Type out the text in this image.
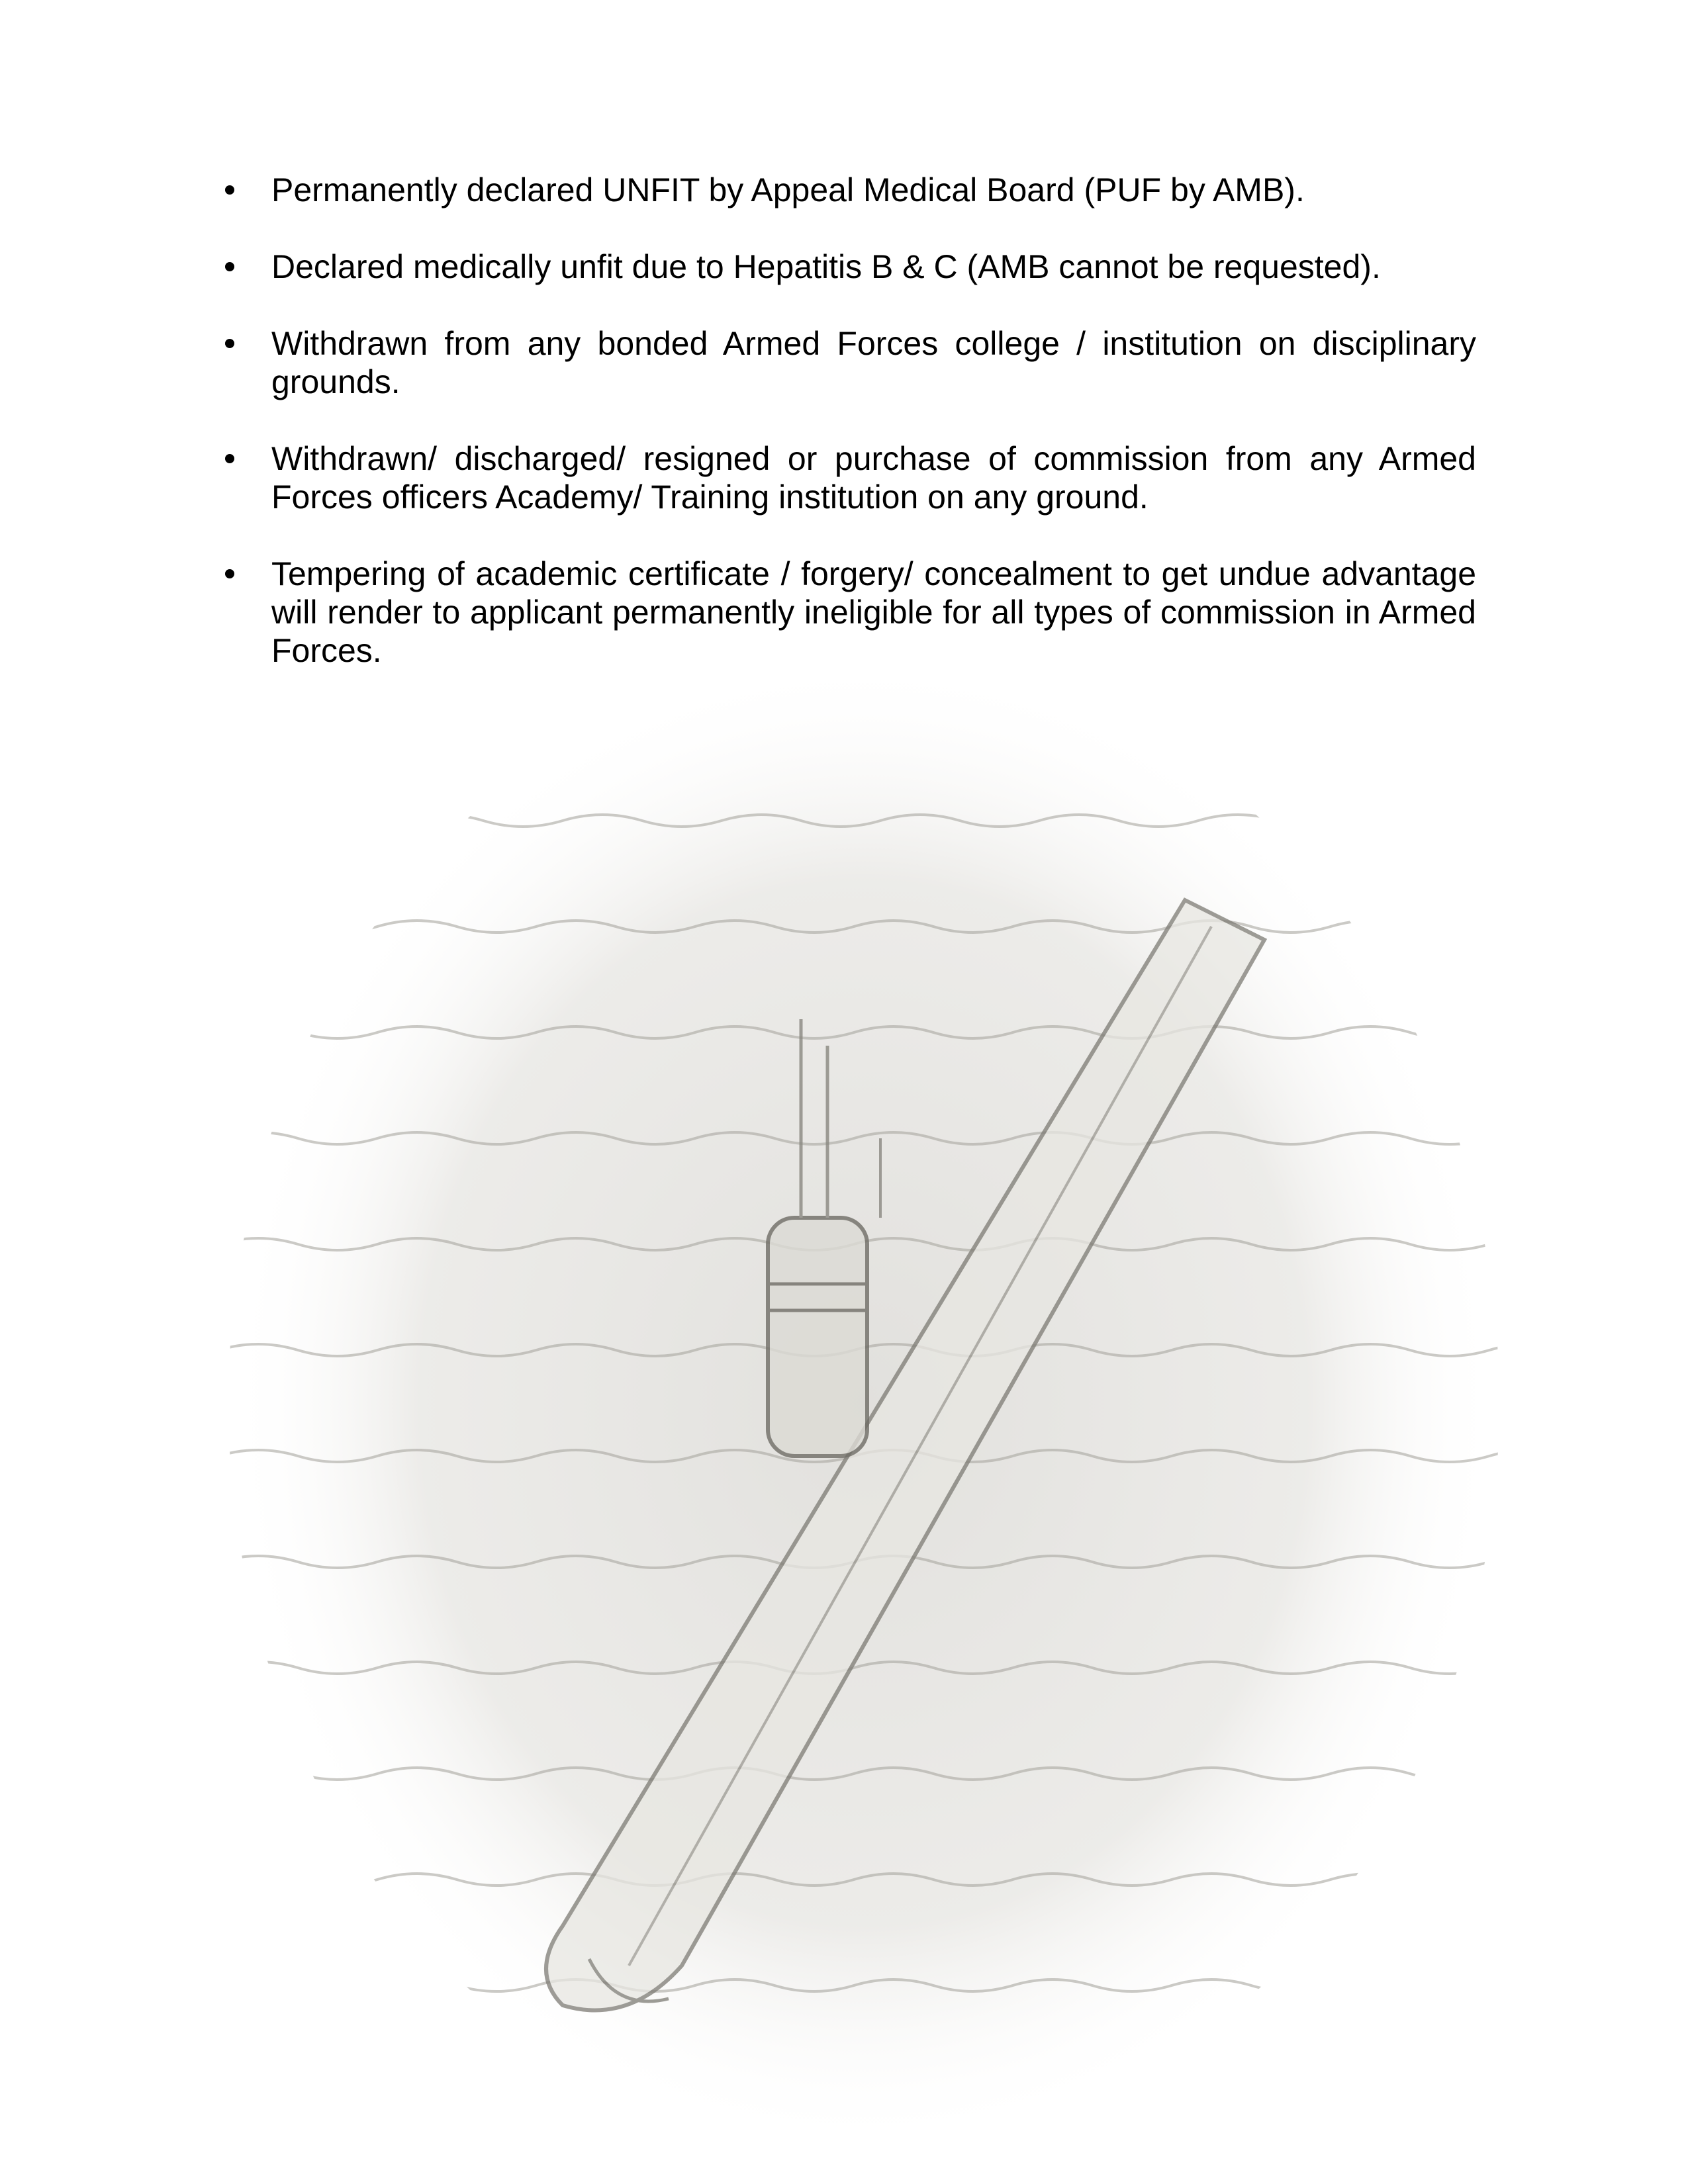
Permanently declared UNFIT by Appeal Medical Board (PUF by AMB).
Declared medically unfit due to Hepatitis B & C (AMB cannot be requested).
Withdrawn from any bonded Armed Forces college / institution on disciplinary grounds.
Withdrawn/ discharged/ resigned or purchase of commission from any Armed Forces officers Academy/ Training institution on any ground.
Tempering of academic certificate / forgery/ concealment to get undue advantage will render to applicant permanently ineligible for all types of commission in Armed Forces.
